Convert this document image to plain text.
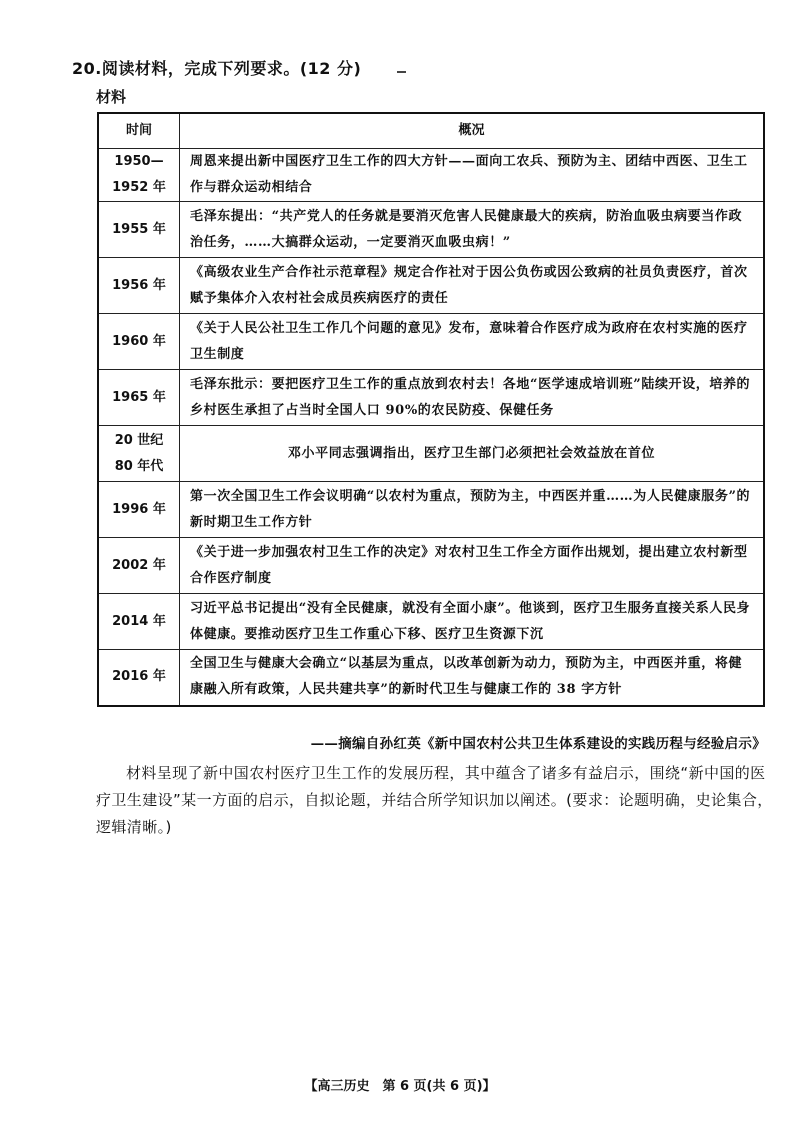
20.阅读材料，完成下列要求。(12 分)
材料
时间	概况
1950—
1952 年	周恩来提出新中国医疗卫生工作的四大方针——面向工农兵、预防为主、团结中西医、卫生工作与群众运动相结合
1955 年	毛泽东提出：“共产党人的任务就是要消灭危害人民健康最大的疾病，防治血吸虫病要当作政治任务，……大搞群众运动，一定要消灭血吸虫病！”
1956 年	《高级农业生产合作社示范章程》规定合作社对于因公负伤或因公致病的社员负责医疗，首次赋予集体介入农村社会成员疾病医疗的责任
1960 年	《关于人民公社卫生工作几个问题的意见》发布，意味着合作医疗成为政府在农村实施的医疗卫生制度
1965 年	毛泽东批示：要把医疗卫生工作的重点放到农村去！各地“医学速成培训班”陆续开设，培养的乡村医生承担了占当时全国人口 90%的农民防疫、保健任务
20 世纪
80 年代	邓小平同志强调指出，医疗卫生部门必须把社会效益放在首位
1996 年	第一次全国卫生工作会议明确“以农村为重点，预防为主，中西医并重……为人民健康服务”的新时期卫生工作方针
2002 年	《关于进一步加强农村卫生工作的决定》对农村卫生工作全方面作出规划，提出建立农村新型合作医疗制度
2014 年	习近平总书记提出“没有全民健康，就没有全面小康”。他谈到，医疗卫生服务直接关系人民身体健康。要推动医疗卫生工作重心下移、医疗卫生资源下沉
2016 年	全国卫生与健康大会确立“以基层为重点，以改革创新为动力，预防为主，中西医并重，将健康融入所有政策，人民共建共享”的新时代卫生与健康工作的 38 字方针
——摘编自孙红英《新中国农村公共卫生体系建设的实践历程与经验启示》
材料呈现了新中国农村医疗卫生工作的发展历程，其中蕴含了诸多有益启示，围绕“新中国的医疗卫生建设”某一方面的启示，自拟论题，并结合所学知识加以阐述。(要求：论题明确，史论集合，逻辑清晰。)
【高三历史　第 6 页(共 6 页)】
